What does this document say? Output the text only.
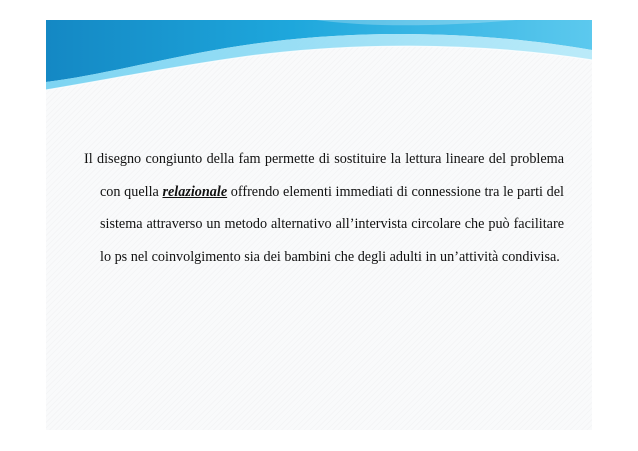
Il disegno congiunto della fam permette di sostituire la lettura lineare del problema con quella relazionale offrendo elementi immediati di connessione tra le parti del sistema attraverso un metodo alternativo all’intervista circolare che può facilitare lo ps nel coinvolgimento sia dei bambini che degli adulti in un’attività condivisa.
